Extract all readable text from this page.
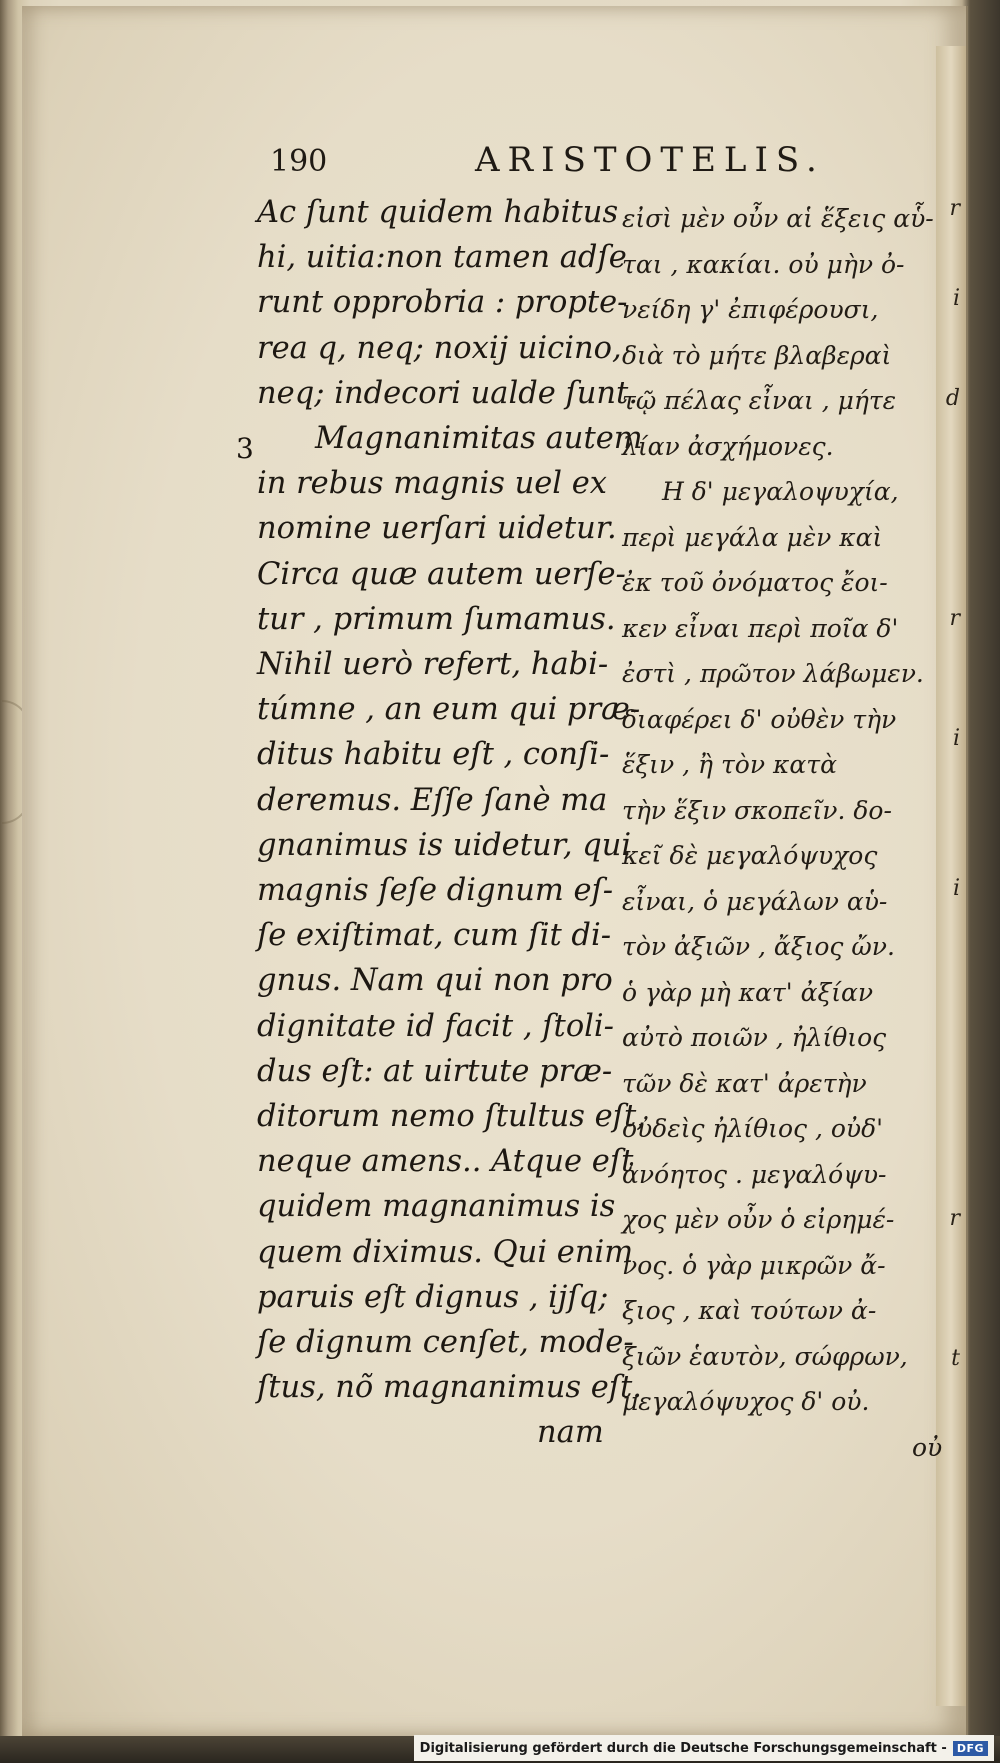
r
i
d
r
i
i
r
t
190	ARISTOTELIS.
3
Ac ſunt quidem habitus
hi, uitia:non tamen adſe
runt opprobria : propte-
rea q, neq; noxij uicino,
neq; indecori ualde ſunt.
Magnanimitas autem
in rebus magnis uel ex
nomine uerſari uidetur.
Circa quæ autem uerſe-
tur , primum ſumamus.
Nihil uerò refert, habi-
túmne , an eum qui præ-
ditus habitu eſt , conſi-
deremus. Eſſe ſanè ma
gnanimus is uidetur, qui
magnis ſeſe dignum eſ-
ſe exiſtimat, cum ſit di-
gnus. Nam qui non pro
dignitate id facit , ſtoli-
dus eſt: at uirtute præ-
ditorum nemo ſtultus eſt,
neque amens.. Atque eſt
quidem magnanimus is
quem diximus. Qui enim
paruis eſt dignus , ijſq;
ſe dignum cenſet, mode-
ſtus, nõ magnanimus eſt.
nam
εἰσὶ μὲν οὖν αἱ ἕξεις αὗ-
ται , κακίαι. οὐ μὴν ὀ-
νείδη γ' ἐπιφέρουσι,
διὰ τὸ μήτε βλαβεραὶ
τῷ πέλας εἶναι , μήτε
λίαν ἀσχήμονες.
Η δ' μεγαλοψυχία,
περὶ μεγάλα μὲν καὶ
ἐκ τοῦ ὀνόματος ἔοι-
κεν εἶναι περὶ ποῖα δ'
ἐστὶ , πρῶτον λάβωμεν.
διαφέρει δ' οὐθὲν τὴν
ἕξιν , ἢ τὸν κατὰ
τὴν ἕξιν σκοπεῖν. δο-
κεῖ δὲ μεγαλόψυχος
εἶναι, ὁ μεγάλων αὑ-
τὸν ἀξιῶν , ἄξιος ὤν.
ὁ γὰρ μὴ κατ' ἀξίαν
αὐτὸ ποιῶν , ἠλίθιος
τῶν δὲ κατ' ἀρετὴν
οὐδεὶς ἠλίθιος , οὐδ'
ἀνόητος . μεγαλόψυ-
χος μὲν οὖν ὁ εἰρημέ-
νος. ὁ γὰρ μικρῶν ἄ-
ξιος , καὶ τούτων ἀ-
ξιῶν ἑαυτὸν, σώφρων,
μεγαλόψυχος δ' οὐ.
οὐ
Digitalisierung gefördert durch die Deutsche Forschungsgemeinschaft - DFG
